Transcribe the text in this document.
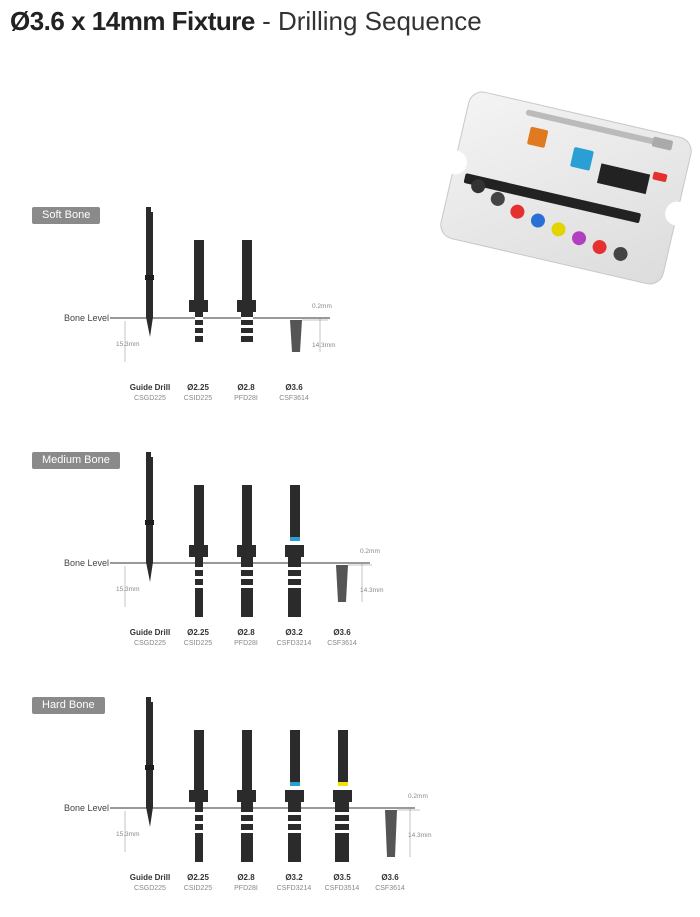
Ø3.6 x 14mm Fixture - Drilling Sequence
Soft Bone
Bone Level
15.3mm
0.2mm
14.3mm
Guide Drill
CSGD225
Ø2.25
CSID225
Ø2.8
PFD28I
Ø3.6
CSF3614
Medium Bone
Bone Level
15.3mm
0.2mm
14.3mm
Guide Drill
CSGD225
Ø2.25
CSID225
Ø2.8
PFD28I
Ø3.2
CSFD3214
Ø3.6
CSF3614
Hard Bone
Bone Level
15.3mm
0.2mm
14.3mm
Guide Drill
CSGD225
Ø2.25
CSID225
Ø2.8
PFD28I
Ø3.2
CSFD3214
Ø3.5
CSFD3514
Ø3.6
CSF3614
